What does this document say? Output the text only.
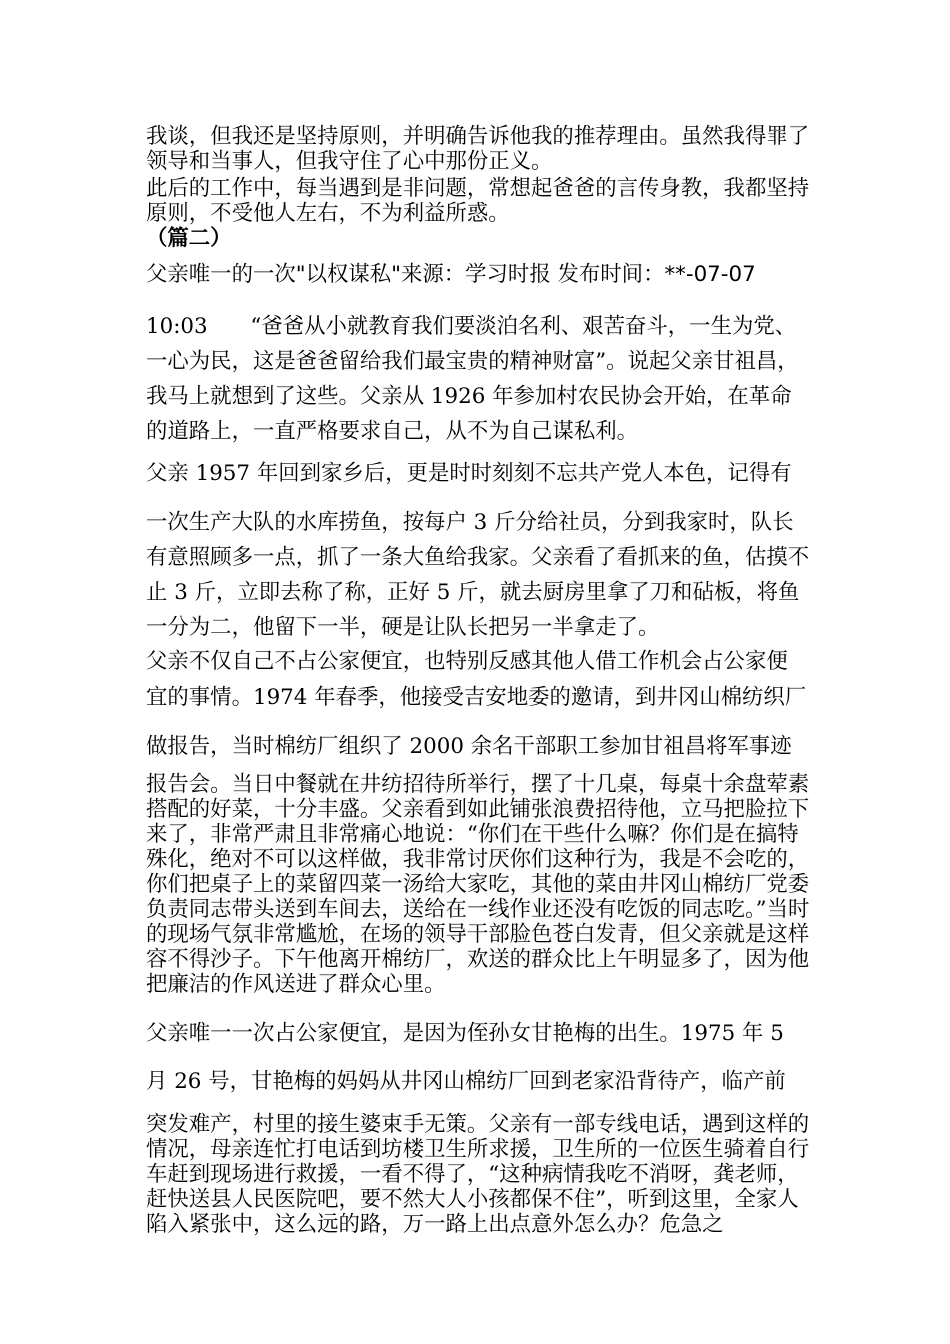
我谈，但我还是坚持原则，并明确告诉他我的推荐理由。虽然我得罪了领导和当事人，但我守住了心中那份正义。

此后的工作中，每当遇到是非问题，常想起爸爸的言传身教，我都坚持原则，不受他人左右，不为利益所惑。

（篇二）

父亲唯一的一次"以权谋私"来源：学习时报 发布时间：**-07-07

10:03　　“爸爸从小就教育我们要淡泊名利、艰苦奋斗，一生为党、一心为民，这是爸爸留给我们最宝贵的精神财富”。说起父亲甘祖昌，我马上就想到了这些。父亲从 1926 年参加村农民协会开始，在革命的道路上，一直严格要求自己，从不为自己谋私利。

父亲 1957 年回到家乡后，更是时时刻刻不忘共产党人本色，记得有

一次生产大队的水库捞鱼，按每户 3 斤分给社员，分到我家时，队长有意照顾多一点，抓了一条大鱼给我家。父亲看了看抓来的鱼，估摸不止 3 斤，立即去称了称，正好 5 斤，就去厨房里拿了刀和砧板，将鱼一分为二，他留下一半，硬是让队长把另一半拿走了。

父亲不仅自己不占公家便宜，也特别反感其他人借工作机会占公家便

宜的事情。1974 年春季，他接受吉安地委的邀请，到井冈山棉纺织厂

做报告，当时棉纺厂组织了 2000 余名干部职工参加甘祖昌将军事迹

报告会。当日中餐就在井纺招待所举行，摆了十几桌，每桌十余盘荤素搭配的好菜，十分丰盛。父亲看到如此铺张浪费招待他，立马把脸拉下来了，非常严肃且非常痛心地说：“你们在干些什么嘛？你们是在搞特殊化，绝对不可以这样做，我非常讨厌你们这种行为，我是不会吃的，你们把桌子上的菜留四菜一汤给大家吃，其他的菜由井冈山棉纺厂党委负责同志带头送到车间去，送给在一线作业还没有吃饭的同志吃。”当时的现场气氛非常尴尬，在场的领导干部脸色苍白发青，但父亲就是这样容不得沙子。下午他离开棉纺厂，欢送的群众比上午明显多了，因为他把廉洁的作风送进了群众心里。

父亲唯一一次占公家便宜，是因为侄孙女甘艳梅的出生。1975 年 5

月 26 号，甘艳梅的妈妈从井冈山棉纺厂回到老家沿背待产，临产前

突发难产，村里的接生婆束手无策。父亲有一部专线电话，遇到这样的情况，母亲连忙打电话到坊楼卫生所求援，卫生所的一位医生骑着自行车赶到现场进行救援，一看不得了，“这种病情我吃不消呀，龚老师，赶快送县人民医院吧，要不然大人小孩都保不住”，听到这里，全家人陷入紧张中，这么远的路，万一路上出点意外怎么办？危急之
